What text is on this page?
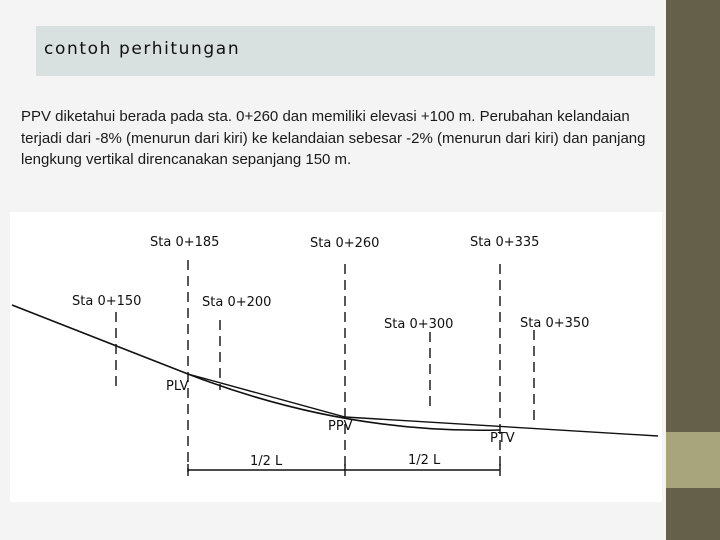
contoh perhitungan
PPV diketahui berada pada sta. 0+260 dan memiliki elevasi +100 m. Perubahan kelandaian terjadi dari -8% (menurun dari kiri) ke kelandaian sebesar -2% (menurun dari kiri) dan panjang lengkung vertikal direncanakan sepanjang 150 m.
Sta 0+185	Sta 0+260	Sta 0+335
Sta 0+150	Sta 0+200
Sta 0+300	Sta 0+350
PLV
PPV
PTV
1/2 L	1/2 L
